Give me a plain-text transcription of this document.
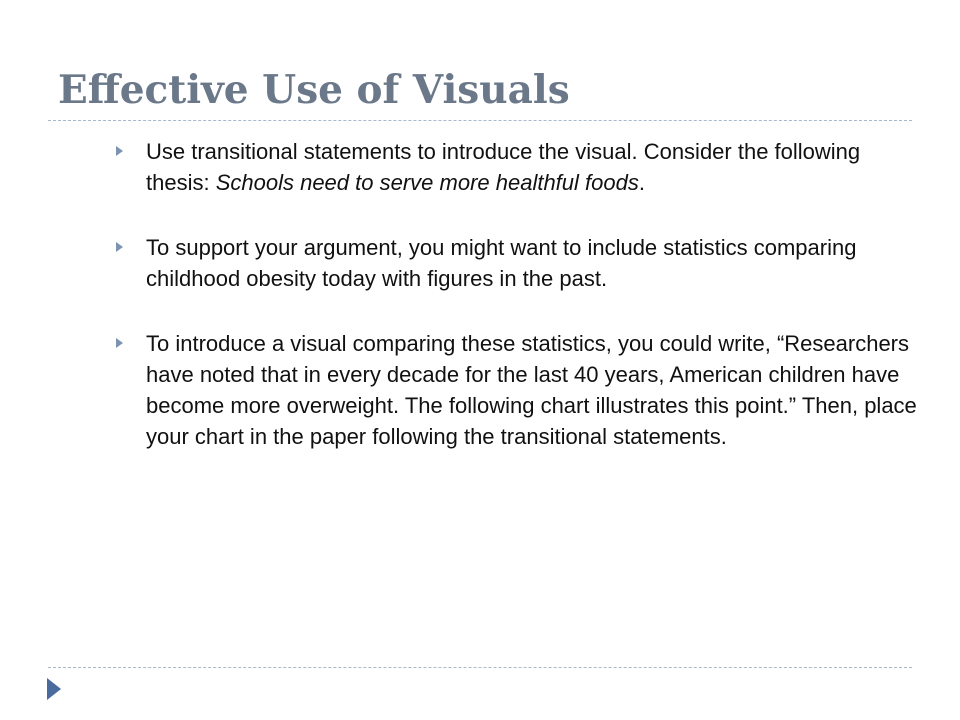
Effective Use of Visuals
Use transitional statements to introduce the visual. Consider the following thesis: Schools need to serve more healthful foods.
To support your argument, you might want to include statistics comparing childhood obesity today with figures in the past.
To introduce a visual comparing these statistics, you could write, “Researchers have noted that in every decade for the last 40 years, American children have become more overweight. The following chart illustrates this point.” Then, place your chart in the paper following the transitional statements.
